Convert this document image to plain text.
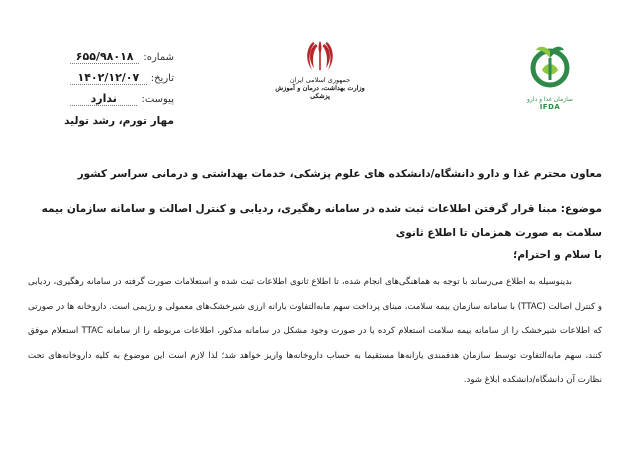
شماره:
۶۵۵/۹۸۰۱۸
تاریخ:
۱۴۰۲/۱۲/۰۷
پیوست:
ندارد
مهار تورم، رشد تولید
جمهوری اسلامی ایران
وزارت بهداشت، درمان و آموزش پزشکی	سازمان غذا و دارو
IFDA
معاون محترم غذا و دارو دانشگاه/دانشکده های علوم پزشکی، خدمات بهداشتی و درمانی سراسر کشور
موضوع: مبنا قرار گرفتن اطلاعات ثبت شده در سامانه رهگیری، ردیابی و کنترل اصالت و سامانه سازمان بیمه سلامت به صورت همزمان تا اطلاع ثانوی
با سلام و احترام؛
بدینوسیله به اطلاع می‌رساند با توجه به هماهنگی‌های انجام شده، تا اطلاع ثانوی اطلاعات ثبت شده و استعلامات صورت گرفته در سامانه رهگیری، ردیابی و کنترل اصالت (TTAC) با سامانه سازمان بیمه سلامت، مبنای پرداخت سهم مابه‌التفاوت یارانه ارزی شیرخشک‌های معمولی و رژیمی است. داروخانه ها در صورتی که اطلاعات شیرخشک را از سامانه بیمه سلامت استعلام کرده یا در صورت وجود مشکل در سامانه مذکور، اطلاعات مربوطه را از سامانه TTAC استعلام موفق کنند، سهم مابه‌التفاوت توسط سازمان هدفمندی یارانه‌ها مستقیما به حساب داروخانه‌ها واریز خواهد شد؛ لذا لازم است این موضوع به کلیه داروخانه‌های تحت نظارت آن دانشگاه/دانشکده ابلاغ شود.
